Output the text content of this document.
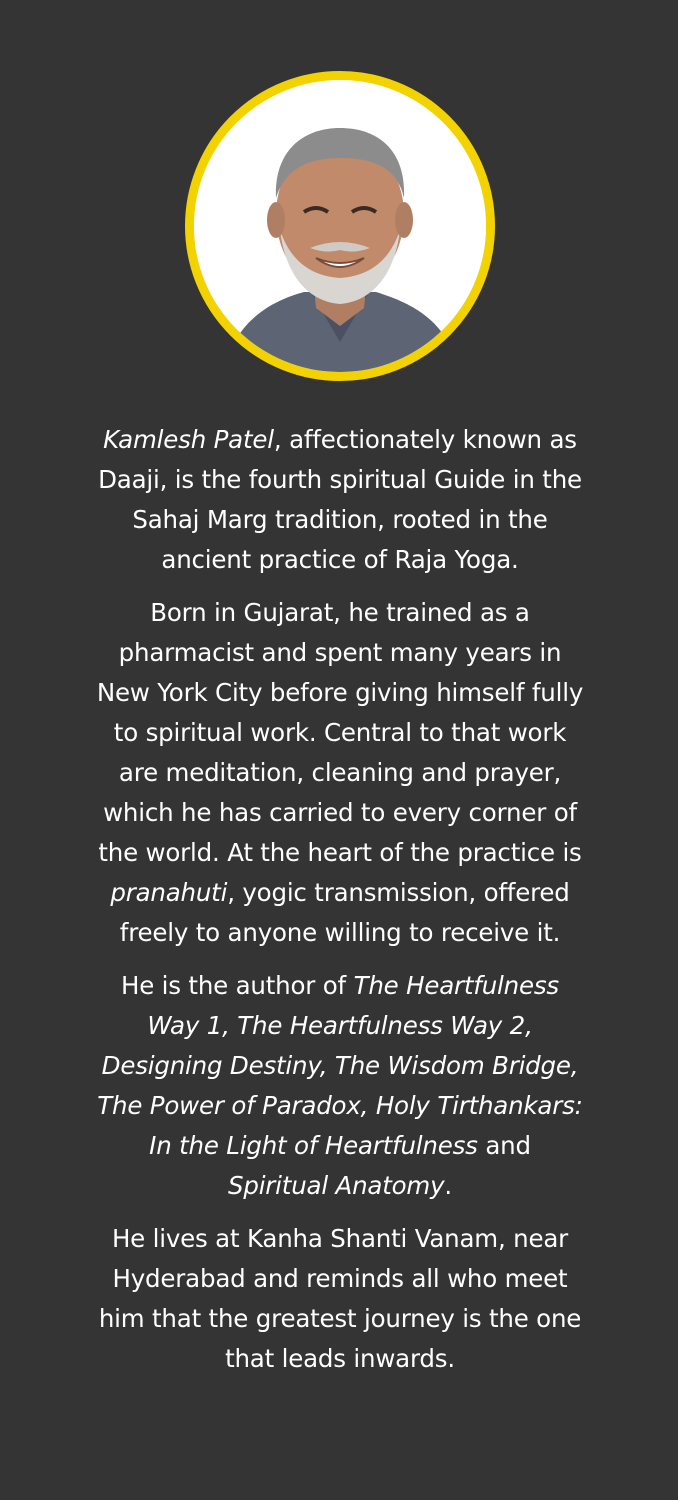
Kamlesh Patel, affectionately known as
Daaji, is the fourth spiritual Guide in the
Sahaj Marg tradition, rooted in the
ancient practice of Raja Yoga.

Born in Gujarat, he trained as a
pharmacist and spent many years in
New York City before giving himself fully
to spiritual work. Central to that work
are meditation, cleaning and prayer,
which he has carried to every corner of
the world. At the heart of the practice is
pranahuti, yogic transmission, offered
freely to anyone willing to receive it.

He is the author of The Heartfulness
Way 1, The Heartfulness Way 2,
Designing Destiny, The Wisdom Bridge,
The Power of Paradox, Holy Tirthankars:
In the Light of Heartfulness and
Spiritual Anatomy.

He lives at Kanha Shanti Vanam, near
Hyderabad and reminds all who meet
him that the greatest journey is the one
that leads inwards.
